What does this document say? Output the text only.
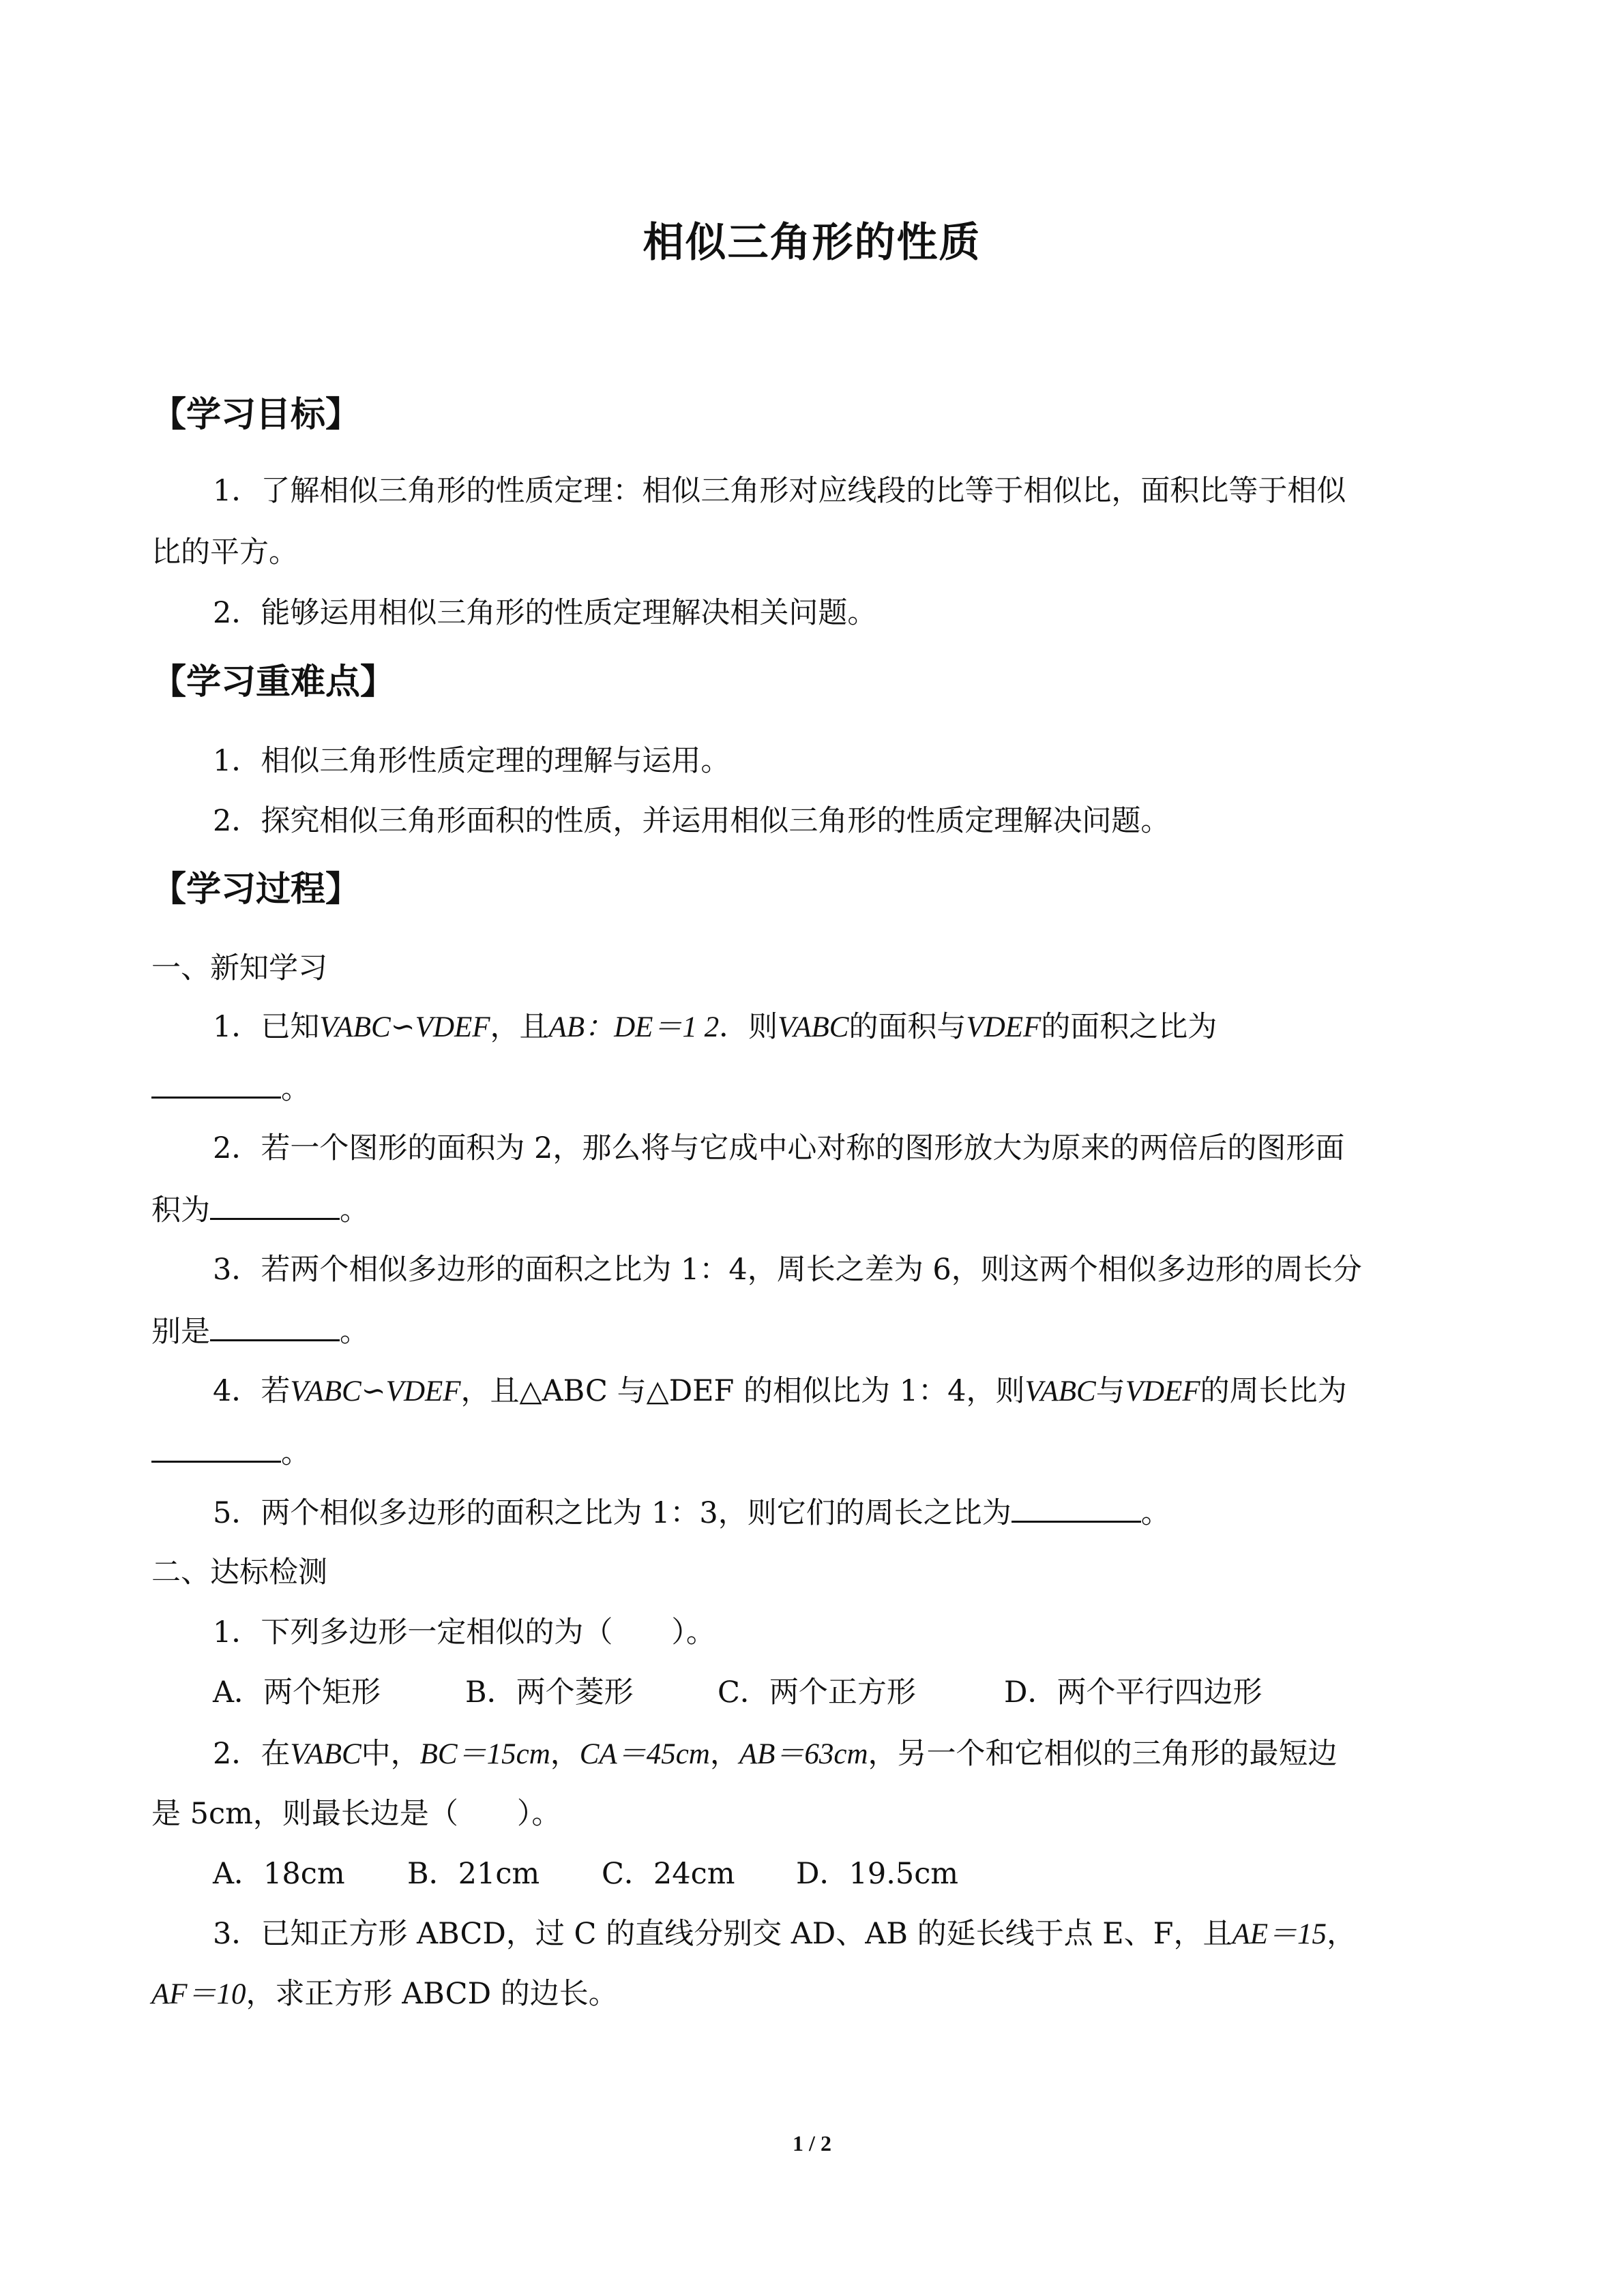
相似三角形的性质
【学习目标】
1．了解相似三角形的性质定理：相似三角形对应线段的比等于相似比，面积比等于相似
比的平方。
2．能够运用相似三角形的性质定理解决相关问题。
【学习重难点】
1．相似三角形性质定理的理解与运用。
2．探究相似三角形面积的性质，并运用相似三角形的性质定理解决问题。
【学习过程】
一、新知学习
1．已知VABC∽VDEF，且AB：DE＝1 2．则VABC的面积与VDEF的面积之比为
。
2．若一个图形的面积为 2，那么将与它成中心对称的图形放大为原来的两倍后的图形面
积为	。
3．若两个相似多边形的面积之比为 1：4，周长之差为 6，则这两个相似多边形的周长分
别是	。
4．若VABC∽VDEF，且△ABC 与△DEF 的相似比为 1：4，则VABC与VDEF的周长比为
。
5．两个相似多边形的面积之比为 1：3，则它们的周长之比为	。
二、达标检测
1．下列多边形一定相似的为（　　）。
A．两个矩形	B．两个菱形	C．两个正方形	D．两个平行四边形
2．在VABC中，BC＝15cm，CA＝45cm，AB＝63cm，另一个和它相似的三角形的最短边
是 5cm，则最长边是（　　）。
A．18cm B．21cm C．24cm D．19.5cm
3．已知正方形 ABCD，过 C 的直线分别交 AD、AB 的延长线于点 E、F，且AE＝15，
AF＝10，求正方形 ABCD 的边长。
1 / 2
